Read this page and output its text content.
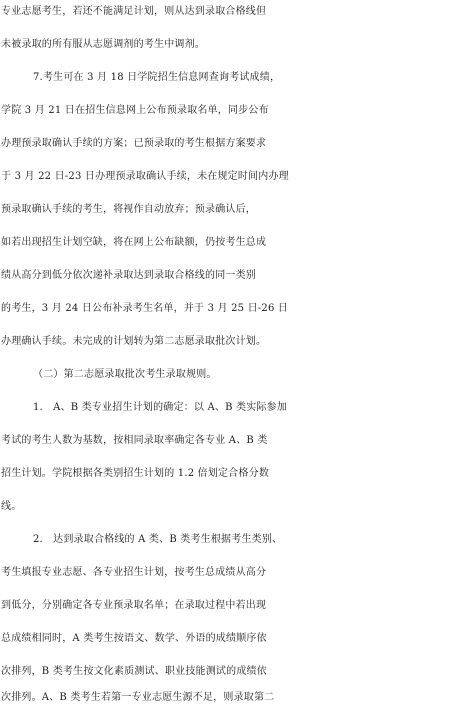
专业志愿考生，若还不能满足计划，则从达到录取合格线但
未被录取的所有服从志愿调剂的考生中调剂。
7.考生可在 3 月 18 日学院招生信息网查询考试成绩，
学院 3 月 21 日在招生信息网上公布预录取名单，同步公布
办理预录取确认手续的方案；已预录取的考生根据方案要求
于 3 月 22 日-23 日办理预录取确认手续，未在规定时间内办理
预录取确认手续的考生，将视作自动放弃；预录确认后，
如若出现招生计划空缺，将在网上公布缺额，仍按考生总成
绩从高分到低分依次递补录取达到录取合格线的同一类别
的考生，3 月 24 日公布补录考生名单，并于 3 月 25 日-26 日
办理确认手续。未完成的计划转为第二志愿录取批次计划。
（二）第二志愿录取批次考生录取规则。
1.　A、B 类专业招生计划的确定：以 A、B 类实际参加
考试的考生人数为基数，按相同录取率确定各专业 A、B 类
招生计划。学院根据各类别招生计划的 1.2 倍划定合格分数
线。
2.　达到录取合格线的 A 类、B 类考生根据考生类别、
考生填报专业志愿、各专业招生计划，按考生总成绩从高分
到低分，分别确定各专业预录取名单；在录取过程中若出现
总成绩相同时，A 类考生按语文、数学、外语的成绩顺序依
次排列，B 类考生按文化素质测试、职业技能测试的成绩依
次排列。A、B 类考生若第一专业志愿生源不足，则录取第二
